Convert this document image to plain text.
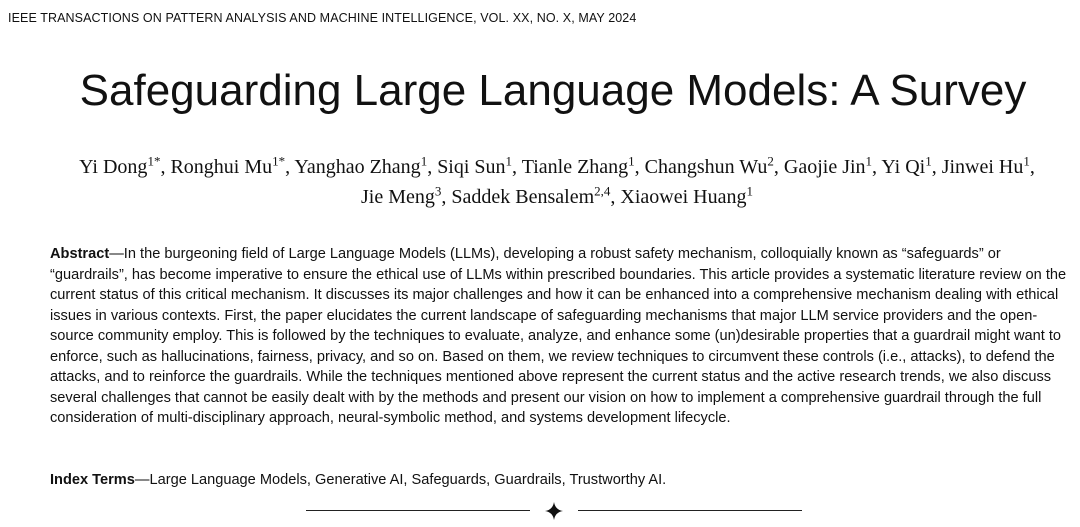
IEEE TRANSACTIONS ON PATTERN ANALYSIS AND MACHINE INTELLIGENCE, VOL. XX, NO. X, MAY 2024
Safeguarding Large Language Models: A Survey
Yi Dong$^{1*}$, Ronghui $Mu^{1*}$, Yanghao Zhang$^1$, Siqi Sun$^1$, Tianle Zhang$^1$, Changshun Wu$^2$, Gaojie Jin$^1$, Yi Qi$^1$, Jinwei Hu$^1$,
Jie Meng$^3$, Saddek Bensalem$^{2,4}$, Xiaowei Huang$^1$

Abstract—In the burgeoning field of Large Language Models (LLMs), developing a robust safety mechanism, colloquially known as “safeguards” or “guardrails”, has become imperative to ensure the ethical use of LLMs within prescribed boundaries. This article provides a systematic literature review on the current status of this critical mechanism. It discusses its major challenges and how it can be enhanced into a comprehensive mechanism dealing with ethical issues in various contexts. First, the paper elucidates the current landscape of safeguarding mechanisms that major LLM service providers and the open-source community employ. This is followed by the techniques to evaluate, analyze, and enhance some (un)desirable properties that a guardrail might want to enforce, such as hallucinations, fairness, privacy, and so on. Based on them, we review techniques to circumvent these controls (i.e., attacks), to defend the attacks, and to reinforce the guardrails. While the techniques mentioned above represent the current status and the active research trends, we also discuss several challenges that cannot be easily dealt with by the methods and present our vision on how to implement a comprehensive guardrail through the full consideration of multi-disciplinary approach, neural-symbolic method, and systems development lifecycle.

Index Terms—Large Language Models, Generative AI, Safeguards, Guardrails, Trustworthy AI.
